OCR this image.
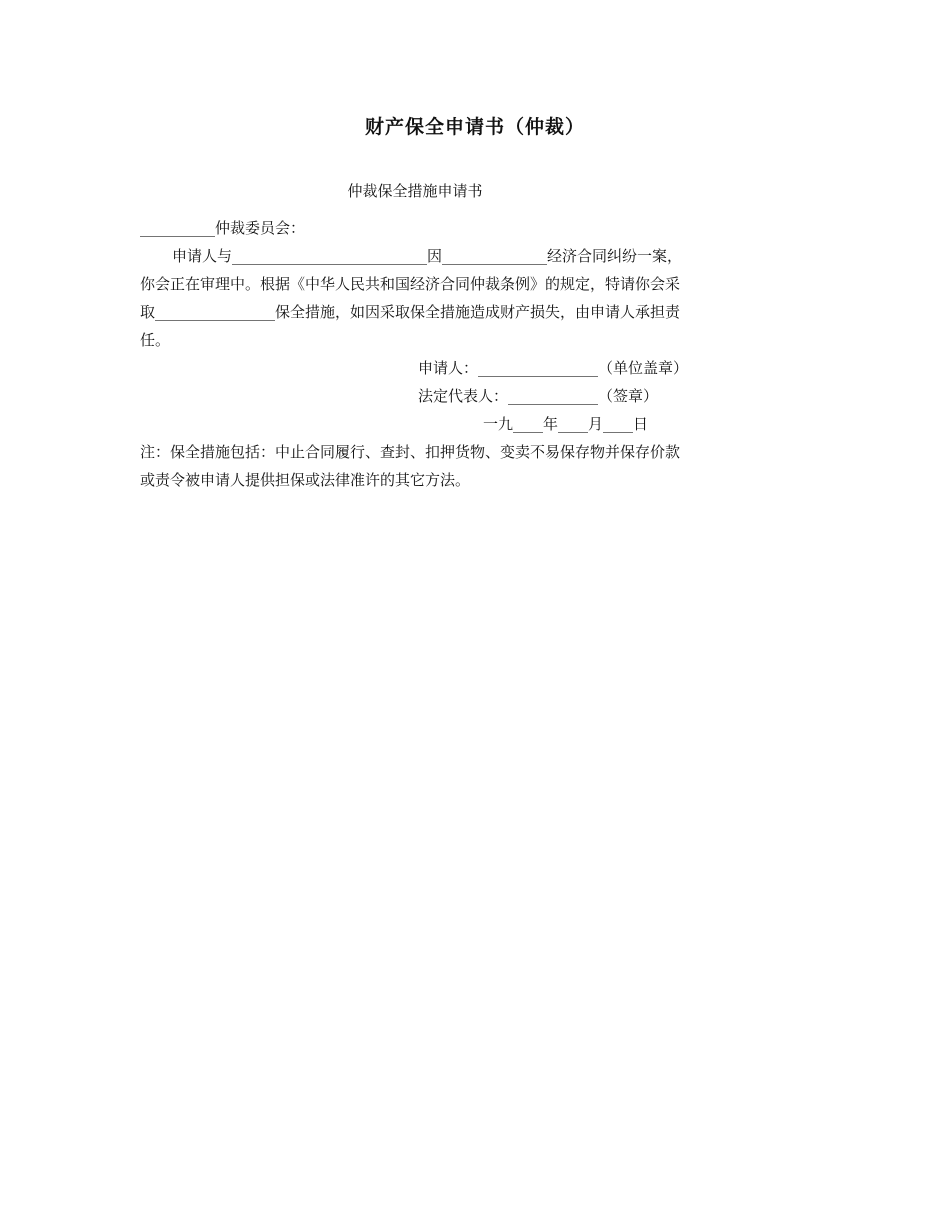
财产保全申请书（仲裁）
仲裁保全措施申请书
__________仲裁委员会：
申请人与__________________________因______________经济合同纠纷一案，
你会正在审理中。根据《中华人民共和国经济合同仲裁条例》的规定，特请你会采
取________________保全措施，如因采取保全措施造成财产损失，由申请人承担责
任。
申请人：________________（单位盖章）
法定代表人：____________（签章）
一九____年____月____日
注：保全措施包括：中止合同履行、查封、扣押货物、变卖不易保存物并保存价款
或责令被申请人提供担保或法律准许的其它方法。
